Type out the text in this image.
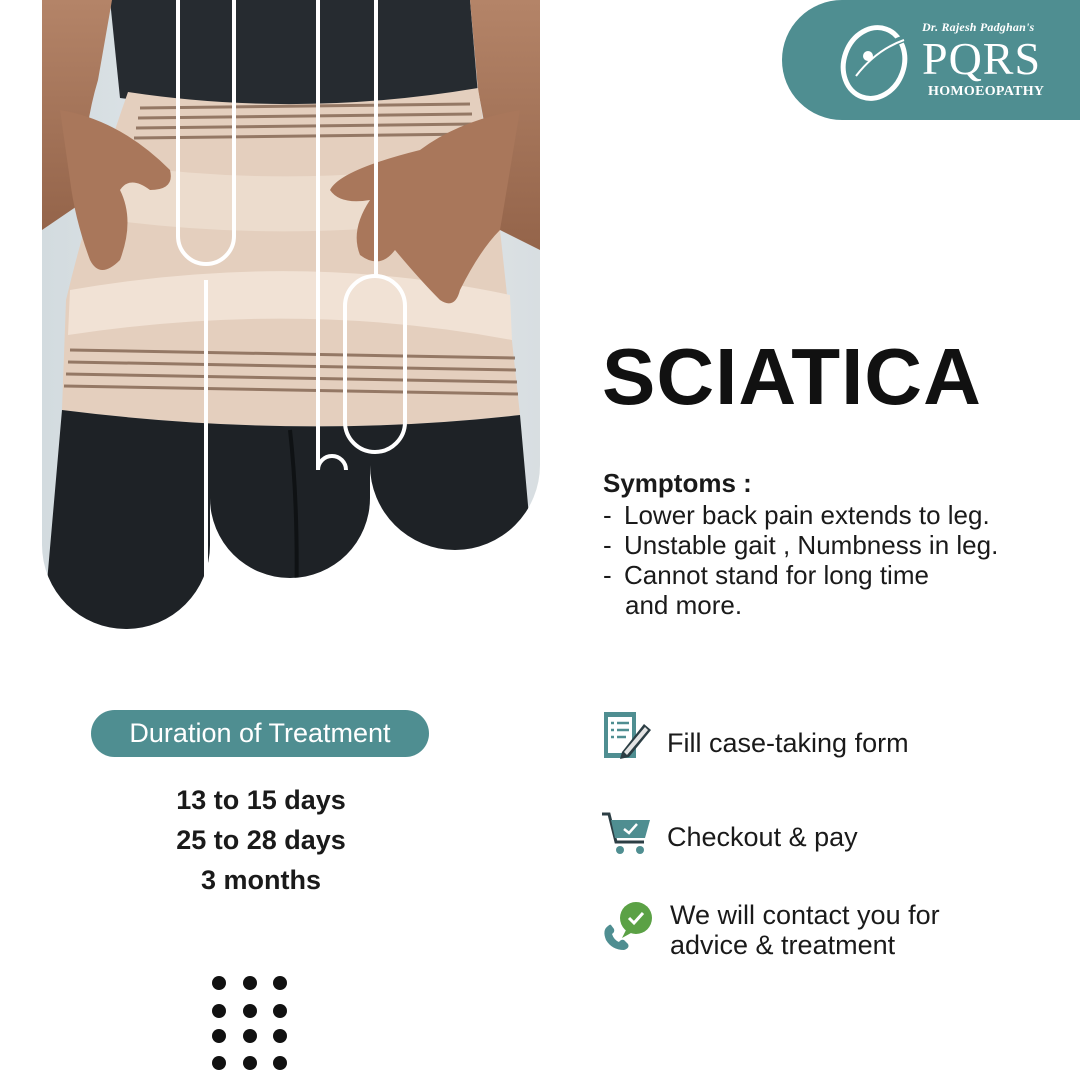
Dr. Rajesh Padghan's
PQRS
HOMOEOPATHY
SCIATICA
Symptoms :
- Lower back pain extends to leg.
- Unstable gait , Numbness in leg.
- Cannot stand for long time
and more.
Duration of Treatment
13 to 15 days
25 to 28 days
3 months
Fill case-taking form
Checkout & pay
We will contact you for advice & treatment
